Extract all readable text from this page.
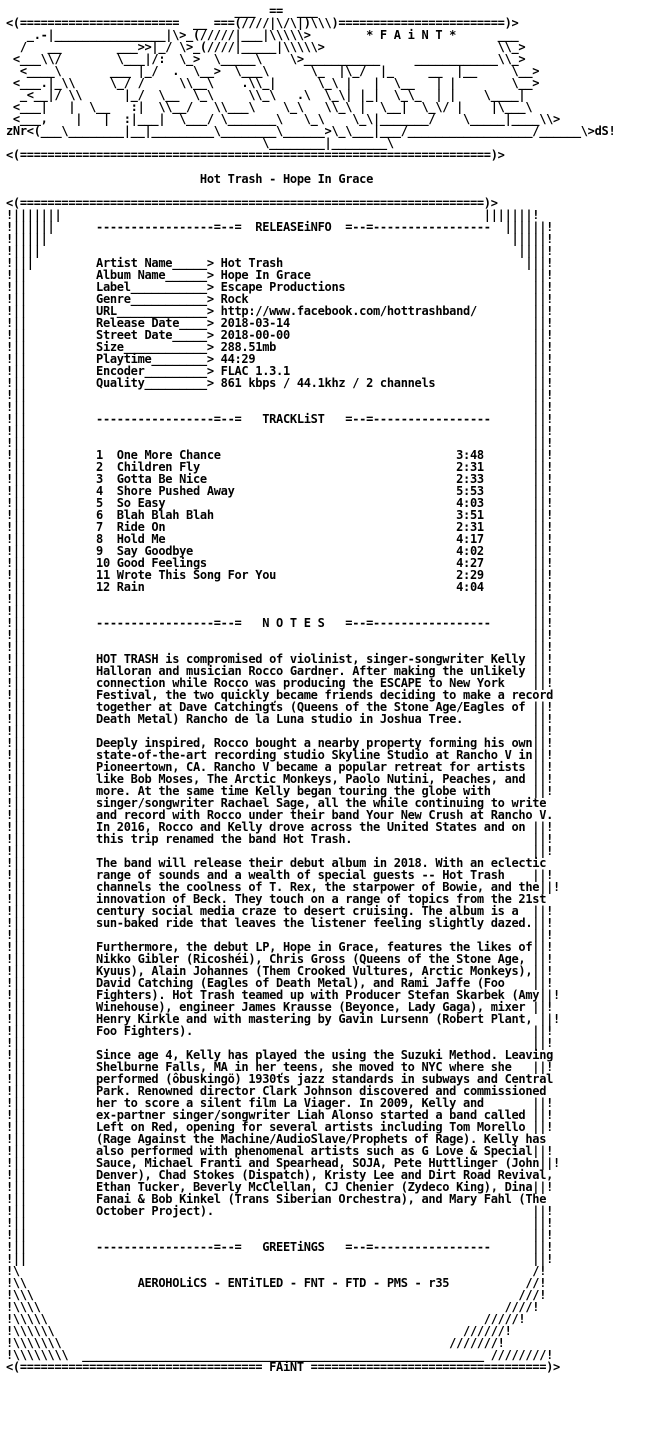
___  ==  ___
<(=======================  __ ===(////|\/\|)\\\)========================)>
_.-|________________|\>_(/////|___|\\\\\>        * F A i N T *      ___
/   __        ___>>|_/ \>_(////|_____|\\\\\>                         \\_>
<___\\/        \___|/:  \_>  \_____\    \>___________     ____________\\_>
<____\       ___ |_/  .  \__>  \___\      \_  |\_/  |_     __  |__     \__>
<___.|_\\     \_/ /     \\__\    .\\_|      \_\ |   |  \__   | |        \__>
_<__|/ \\      |_/  \__  \_\     \\_\   .\  \_\| |_|  \_\_  | |    \____|
<___|   |  \__   :|  \\__/   \\___\    \_\   \\_\ |  \__|  \_\/ |    |\___\
<___,    |   |  :|___|  \___/ \_______\   \_\    \_\|_______/    \_____|____\\>
zNr<(___\________|__|_________\________\______>\_\___|___/__________________/______\>dS!
\________|________\
<(====================================================================)>
Hot Trash - Hope In Grace
<(===================================================================)>
!|||||||                                                             |||||||!
!||||||      -----------------=--=  RELEASEiNFO  =--=-----------------  ||||||!
!|||||                                                                   |||||!
!||||                                                                     ||||!
!|||         Artist Name_____> Hot Trash                                   |||!
!||          Album Name______> Hope In Grace                                ||!
!||          Label___________> Escape Productions                           ||!
!||          Genre___________> Rock                                         ||!
!||          URL_____________> http://www.facebook.com/hottrashband/        ||!
!||          Release Date____> 2018-03-14                                   ||!
!||          Street Date_____> 2018-00-00                                   ||!
!||          Size____________> 288.51mb                                     ||!
!||          Playtime________> 44:29                                        ||!
!||          Encoder_________> FLAC 1.3.1                                   ||!
!||          Quality_________> 861 kbps / 44.1khz / 2 channels              ||!
!||                                                                         ||!
!||                                                                         ||!
!||          -----------------=--=   TRACKLiST   =--=-----------------      ||!
!||                                                                         ||!
!||                                                                         ||!
!||          1  One More Chance                                  3:48       ||!
!||          2  Children Fly                                     2:31       ||!
!||          3  Gotta Be Nice                                    2:33       ||!
!||          4  Shore Pushed Away                                5:53       ||!
!||          5  So Easy                                          4:03       ||!
!||          6  Blah Blah Blah                                   3:51       ||!
!||          7  Ride On                                          2:31       ||!
!||          8  Hold Me                                          4:17       ||!
!||          9  Say Goodbye                                      4:02       ||!
!||          10 Good Feelings                                    4:27       ||!
!||          11 Wrote This Song For You                          2:29       ||!
!||          12 Rain                                             4:04       ||!
!||                                                                         ||!
!||                                                                         ||!
!||          -----------------=--=   N O T E S   =--=-----------------      ||!
!||                                                                         ||!
!||                                                                         ||!
!||          HOT TRASH is compromised of violinist, singer-songwriter Kelly ||!
!||          Halloran and musician Rocco Gardner. After making the unlikely ||!
!||          connection while Rocco was producing the ESCAPE to New York    ||!
!||          Festival, the two quickly became friends deciding to make a record
!||          together at Dave Catchingťs (Queens of the Stone Age/Eagles of ||!
!||          Death Metal) Rancho de la Luna studio in Joshua Tree.          ||!
!||                                                                         ||!
!||          Deeply inspired, Rocco bought a nearby property forming his own||!
!||          state-of-the-art recording studio Skyline Studio at Rancho V in||!
!||          Pioneertown, CA. Rancho V became a popular retreat for artists ||!
!||          like Bob Moses, The Arctic Monkeys, Paolo Nutini, Peaches, and ||!
!||          more. At the same time Kelly began touring the globe with      ||!
!||          singer/songwriter Rachael Sage, all the while continuing to write
!||          and record with Rocco under their band Your New Crush at Rancho V.
!||          In 2016, Rocco and Kelly drove across the United States and on ||!
!||          this trip renamed the band Hot Trash.                          ||!
!||                                                                         ||!
!||          The band will release their debut album in 2018. With an eclectic
!||          range of sounds and a wealth of special guests -- Hot Trash    ||!
!||          channels the coolness of T. Rex, the starpower of Bowie, and the||!
!||          innovation of Beck. They touch on a range of topics from the 21st
!||          century social media craze to desert cruising. The album is a  ||!
!||          sun-baked ride that leaves the listener feeling slightly dazed.||!
!||                                                                         ||!
!||          Furthermore, the debut LP, Hope in Grace, features the likes of||!
!||          Nikko Gibler (Ricoshéi), Chris Gross (Queens of the Stone Age, ||!
!||          Kyuus), Alain Johannes (Them Crooked Vultures, Arctic Monkeys),||!
!||          David Catching (Eagles of Death Metal), and Rami Jaffe (Foo    ||!
!||          Fighters). Hot Trash teamed up with Producer Stefan Skarbek (Amy||!
!||          Winehouse), engineer James Krausse (Beyonce, Lady Gaga), mixer ||!
!||          Henry Kirkle and with mastering by Gavin Lursenn (Robert Plant, ||!
!||          Foo Fighters).                                                 ||!
!||                                                                         ||!
!||          Since age 4, Kelly has played the using the Suzuki Method. Leaving
!||          Shelburne Falls, MA in her teens, she moved to NYC where she   ||!
!||          performed (ôbuskingö) 1930ťs jazz standards in subways and Central
!||          Park. Renowned director Clark Johnson discovered and commissioned
!||          her to score a silent film La Viager. In 2009, Kelly and       ||!
!||          ex-partner singer/songwriter Liah Alonso started a band called ||!
!||          Left on Red, opening for several artists including Tom Morello ||!
!||          (Rage Against the Machine/AudioSlave/Prophets of Rage). Kelly has
!||          also performed with phenomenal artists such as G Love & Special||!
!||          Sauce, Michael Franti and Spearhead, SOJA, Pete Huttlinger (John||!
!||          Denver), Chad Stokes (Dispatch), Kristy Lee and Dirt Road Revival,
!||          Ethan Tucker, Beverly McClellan, CJ Chenier (Zydeco King), Dina||!
!||          Fanai & Bob Kinkel (Trans Siberian Orchestra), and Mary Fahl (The
!||          October Project).                                              ||!
!||                                                                         ||!
!||                                                                         ||!
!||          -----------------=--=   GREETiNGS   =--=-----------------      ||!
!||                                                                         ||!
!\                                                                          /!
!\\                AEROHOLiCS - ENTiTLED - FNT - FTD - PMS - r35           //!
!\\\                                                                      ///!
!\\\\                                                                   ////!
!\\\\\                                                               /////!
!\\\\\\                                                           //////!
!\\\\\\\                                                        ///////!
!\\\\\\\\  __________________________________________________________ ////////!
<(=================================== FAiNT ==================================)>
